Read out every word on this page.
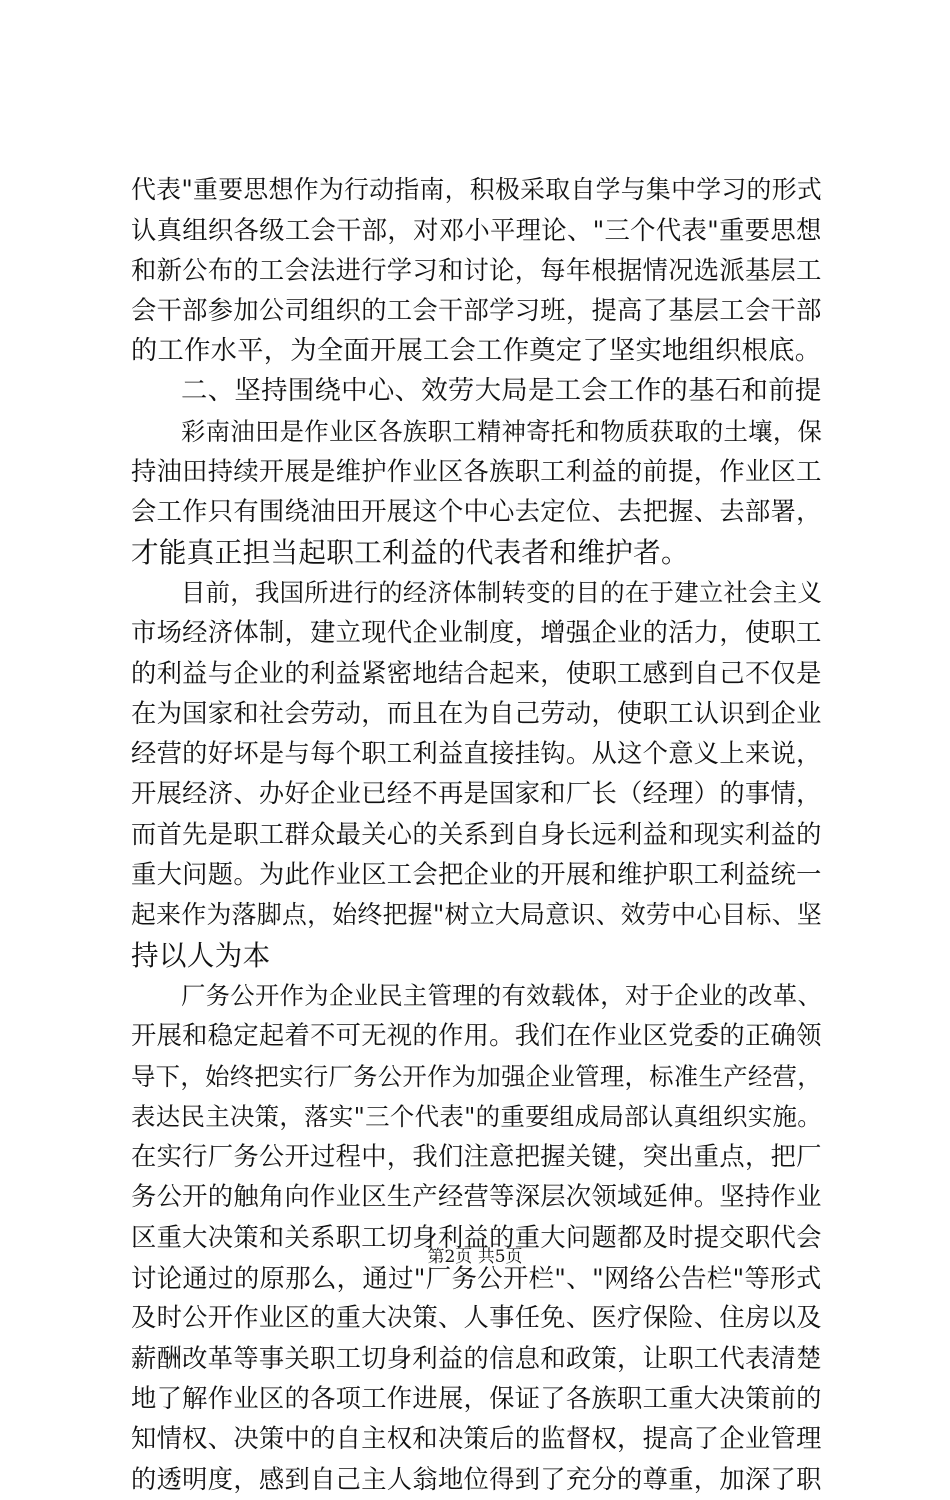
代表"重要思想作为行动指南，积极采取自学与集中学习的形式
认真组织各级工会干部，对邓小平理论、"三个代表"重要思想
和新公布的工会法进行学习和讨论，每年根据情况选派基层工
会干部参加公司组织的工会干部学习班，提高了基层工会干部
的工作水平，为全面开展工会工作奠定了坚实地组织根底。
二、坚持围绕中心、效劳大局是工会工作的基石和前提
彩南油田是作业区各族职工精神寄托和物质获取的土壤，保
持油田持续开展是维护作业区各族职工利益的前提，作业区工
会工作只有围绕油田开展这个中心去定位、去把握、去部署，
才能真正担当起职工利益的代表者和维护者。
目前，我国所进行的经济体制转变的目的在于建立社会主义
市场经济体制，建立现代企业制度，增强企业的活力，使职工
的利益与企业的利益紧密地结合起来，使职工感到自己不仅是
在为国家和社会劳动，而且在为自己劳动，使职工认识到企业
经营的好坏是与每个职工利益直接挂钩。从这个意义上来说，
开展经济、办好企业已经不再是国家和厂长（经理）的事情，
而首先是职工群众最关心的关系到自身长远利益和现实利益的
重大问题。为此作业区工会把企业的开展和维护职工利益统一
起来作为落脚点，始终把握"树立大局意识、效劳中心目标、坚
持以人为本
厂务公开作为企业民主管理的有效载体，对于企业的改革、
开展和稳定起着不可无视的作用。我们在作业区党委的正确领
导下，始终把实行厂务公开作为加强企业管理，标准生产经营，
表达民主决策，落实"三个代表"的重要组成局部认真组织实施。
在实行厂务公开过程中，我们注意把握关键，突出重点，把厂
务公开的触角向作业区生产经营等深层次领域延伸。坚持作业
区重大决策和关系职工切身利益的重大问题都及时提交职代会
讨论通过的原那么，通过"厂务公开栏"、"网络公告栏"等形式
及时公开作业区的重大决策、人事任免、医疗保险、住房以及
薪酬改革等事关职工切身利益的信息和政策，让职工代表清楚
地了解作业区的各项工作进展，保证了各族职工重大决策前的
知情权、决策中的自主权和决策后的监督权，提高了企业管理
的透明度，感到自己主人翁地位得到了充分的尊重，加深了职
第2页 共5页
